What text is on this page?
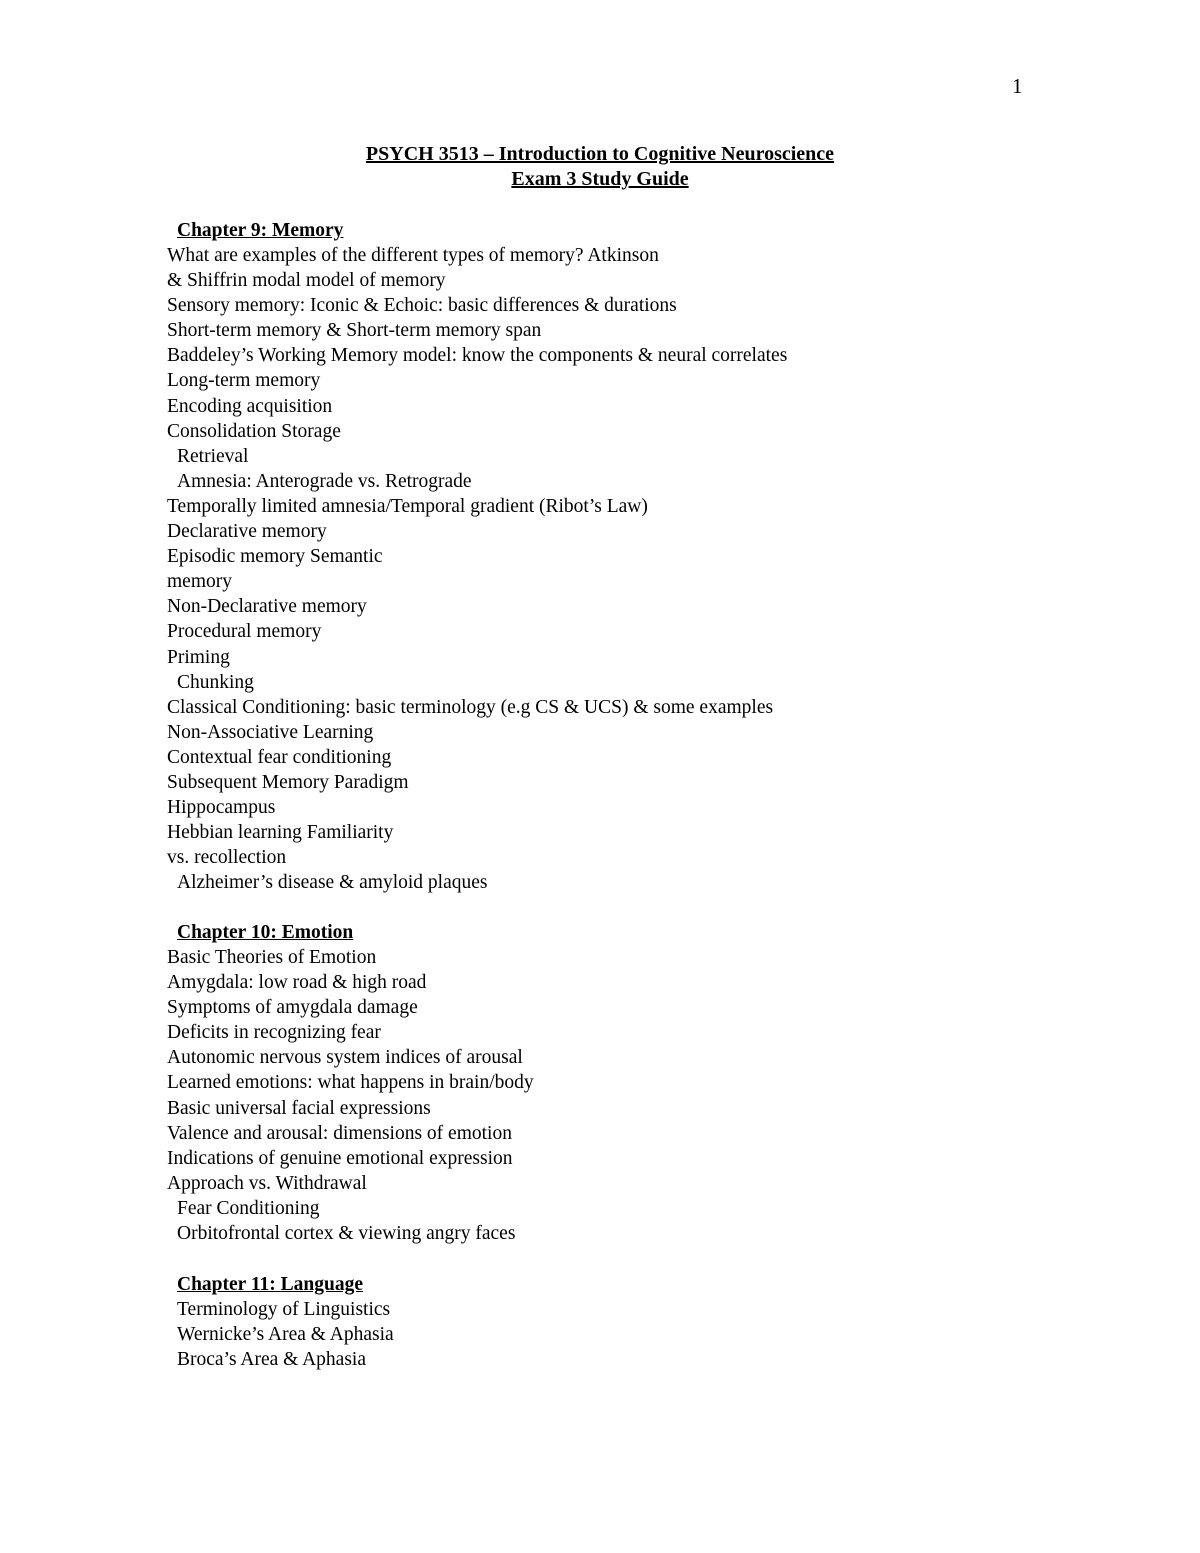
1
PSYCH 3513 – Introduction to Cognitive Neuroscience
Exam 3 Study Guide
Chapter 9: Memory
What are examples of the different types of memory? Atkinson
& Shiffrin modal model of memory
Sensory memory: Iconic & Echoic: basic differences & durations
Short-term memory & Short-term memory span
Baddeley’s Working Memory model: know the components & neural correlates
Long-term memory
Encoding acquisition
Consolidation Storage
Retrieval
Amnesia: Anterograde vs. Retrograde
Temporally limited amnesia/Temporal gradient (Ribot’s Law)
Declarative memory
Episodic memory Semantic
memory
Non-Declarative memory
Procedural memory
Priming
Chunking
Classical Conditioning: basic terminology (e.g CS & UCS) & some examples
Non-Associative Learning
Contextual fear conditioning
Subsequent Memory Paradigm
Hippocampus
Hebbian learning Familiarity
vs. recollection
Alzheimer’s disease & amyloid plaques
Chapter 10: Emotion
Basic Theories of Emotion
Amygdala: low road & high road
Symptoms of amygdala damage
Deficits in recognizing fear
Autonomic nervous system indices of arousal
Learned emotions: what happens in brain/body
Basic universal facial expressions
Valence and arousal: dimensions of emotion
Indications of genuine emotional expression
Approach vs. Withdrawal
Fear Conditioning
Orbitofrontal cortex & viewing angry faces
Chapter 11: Language
Terminology of Linguistics
Wernicke’s Area & Aphasia
Broca’s Area & Aphasia
